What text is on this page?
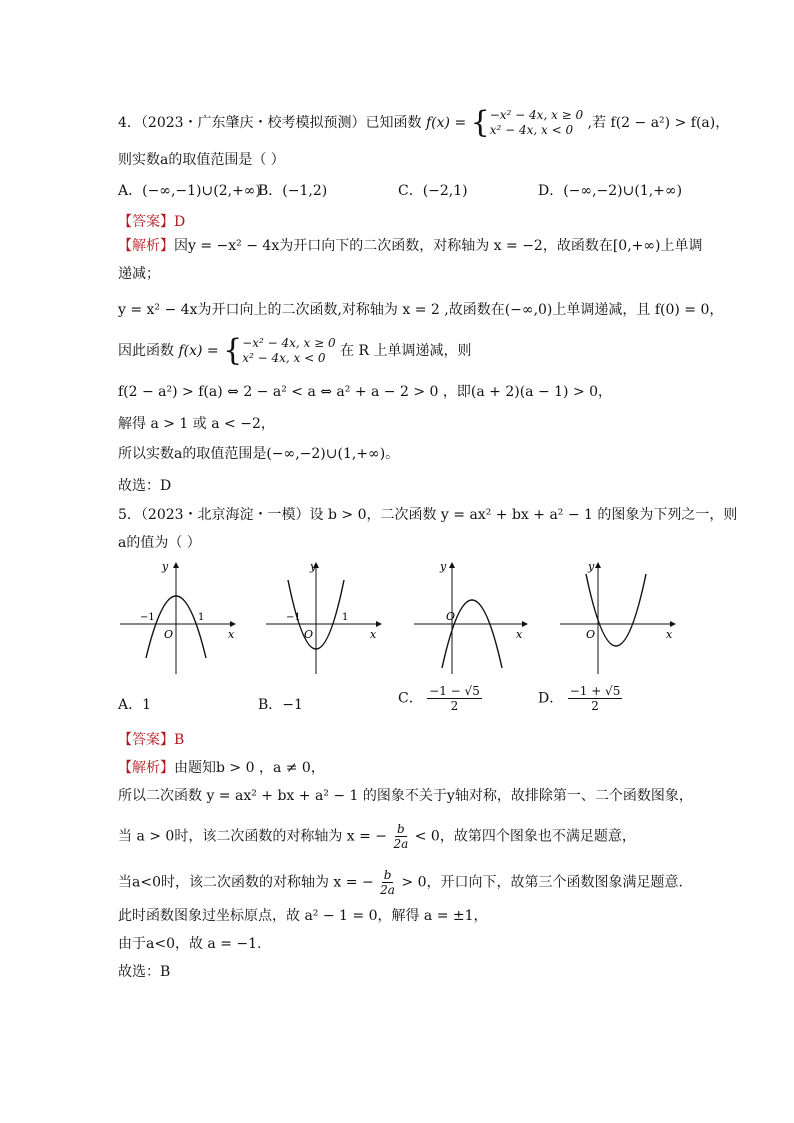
4．（2023・广东肇庆・校考模拟预测）已知函数 f(x) = { −x² − 4x, x ≥ 0
x² − 4x, x < 0	,若 f(2 − a²) > f(a)，
则实数a的取值范围是（ ）
A．(−∞,−1)∪(2,+∞)
B．(−1,2)	C．(−2,1)	D．(−∞,−2)∪(1,+∞)
【答案】D
【解析】因y = −x² − 4x为开口向下的二次函数，对称轴为 x = −2，故函数在[0,+∞)上单调
递减；
y = x² − 4x为开口向上的二次函数,对称轴为 x = 2 ,故函数在(−∞,0)上单调递减，且 f(0) = 0，
因此函数 f(x) = { −x² − 4x, x ≥ 0
x² − 4x, x < 0	在 R 上单调递减，则
f(2 − a²) > f(a) ⇔ 2 − a² < a ⇔ a² + a − 2 > 0 ，即(a + 2)(a − 1) > 0，
解得 a > 1 或 a < −2，
所以实数a的取值范围是(−∞,−2)∪(1,+∞)。
故选：D
5．（2023・北京海淀・一模）设 b > 0，二次函数 y = ax² + bx + a² − 1 的图象为下列之一，则
a的值为（ ）
x
y
O
−1	1
x
y
O
−1	1
x
y
O
x
y
O
A．1	B．−1	C． $\frac{-1 - √5}{2}$	D． $\frac{-1 + √5}{2}$
【答案】B
【解析】由题知b > 0 ，a ≠ 0，
所以二次函数 y = ax² + bx + a² − 1 的图象不关于y轴对称，故排除第一、二个函数图象，
当 a > 0时，该二次函数的对称轴为 x = − $\frac{b}{2a} < 0$，故第四个图象也不满足题意，
当a<0时，该二次函数的对称轴为 x = − $\frac{b}{2a} > 0$，开口向下，故第三个函数图象满足题意.
此时函数图象过坐标原点，故 a² − 1 = 0，解得 a = ±1，
由于a<0，故 a = −1.
故选：B
